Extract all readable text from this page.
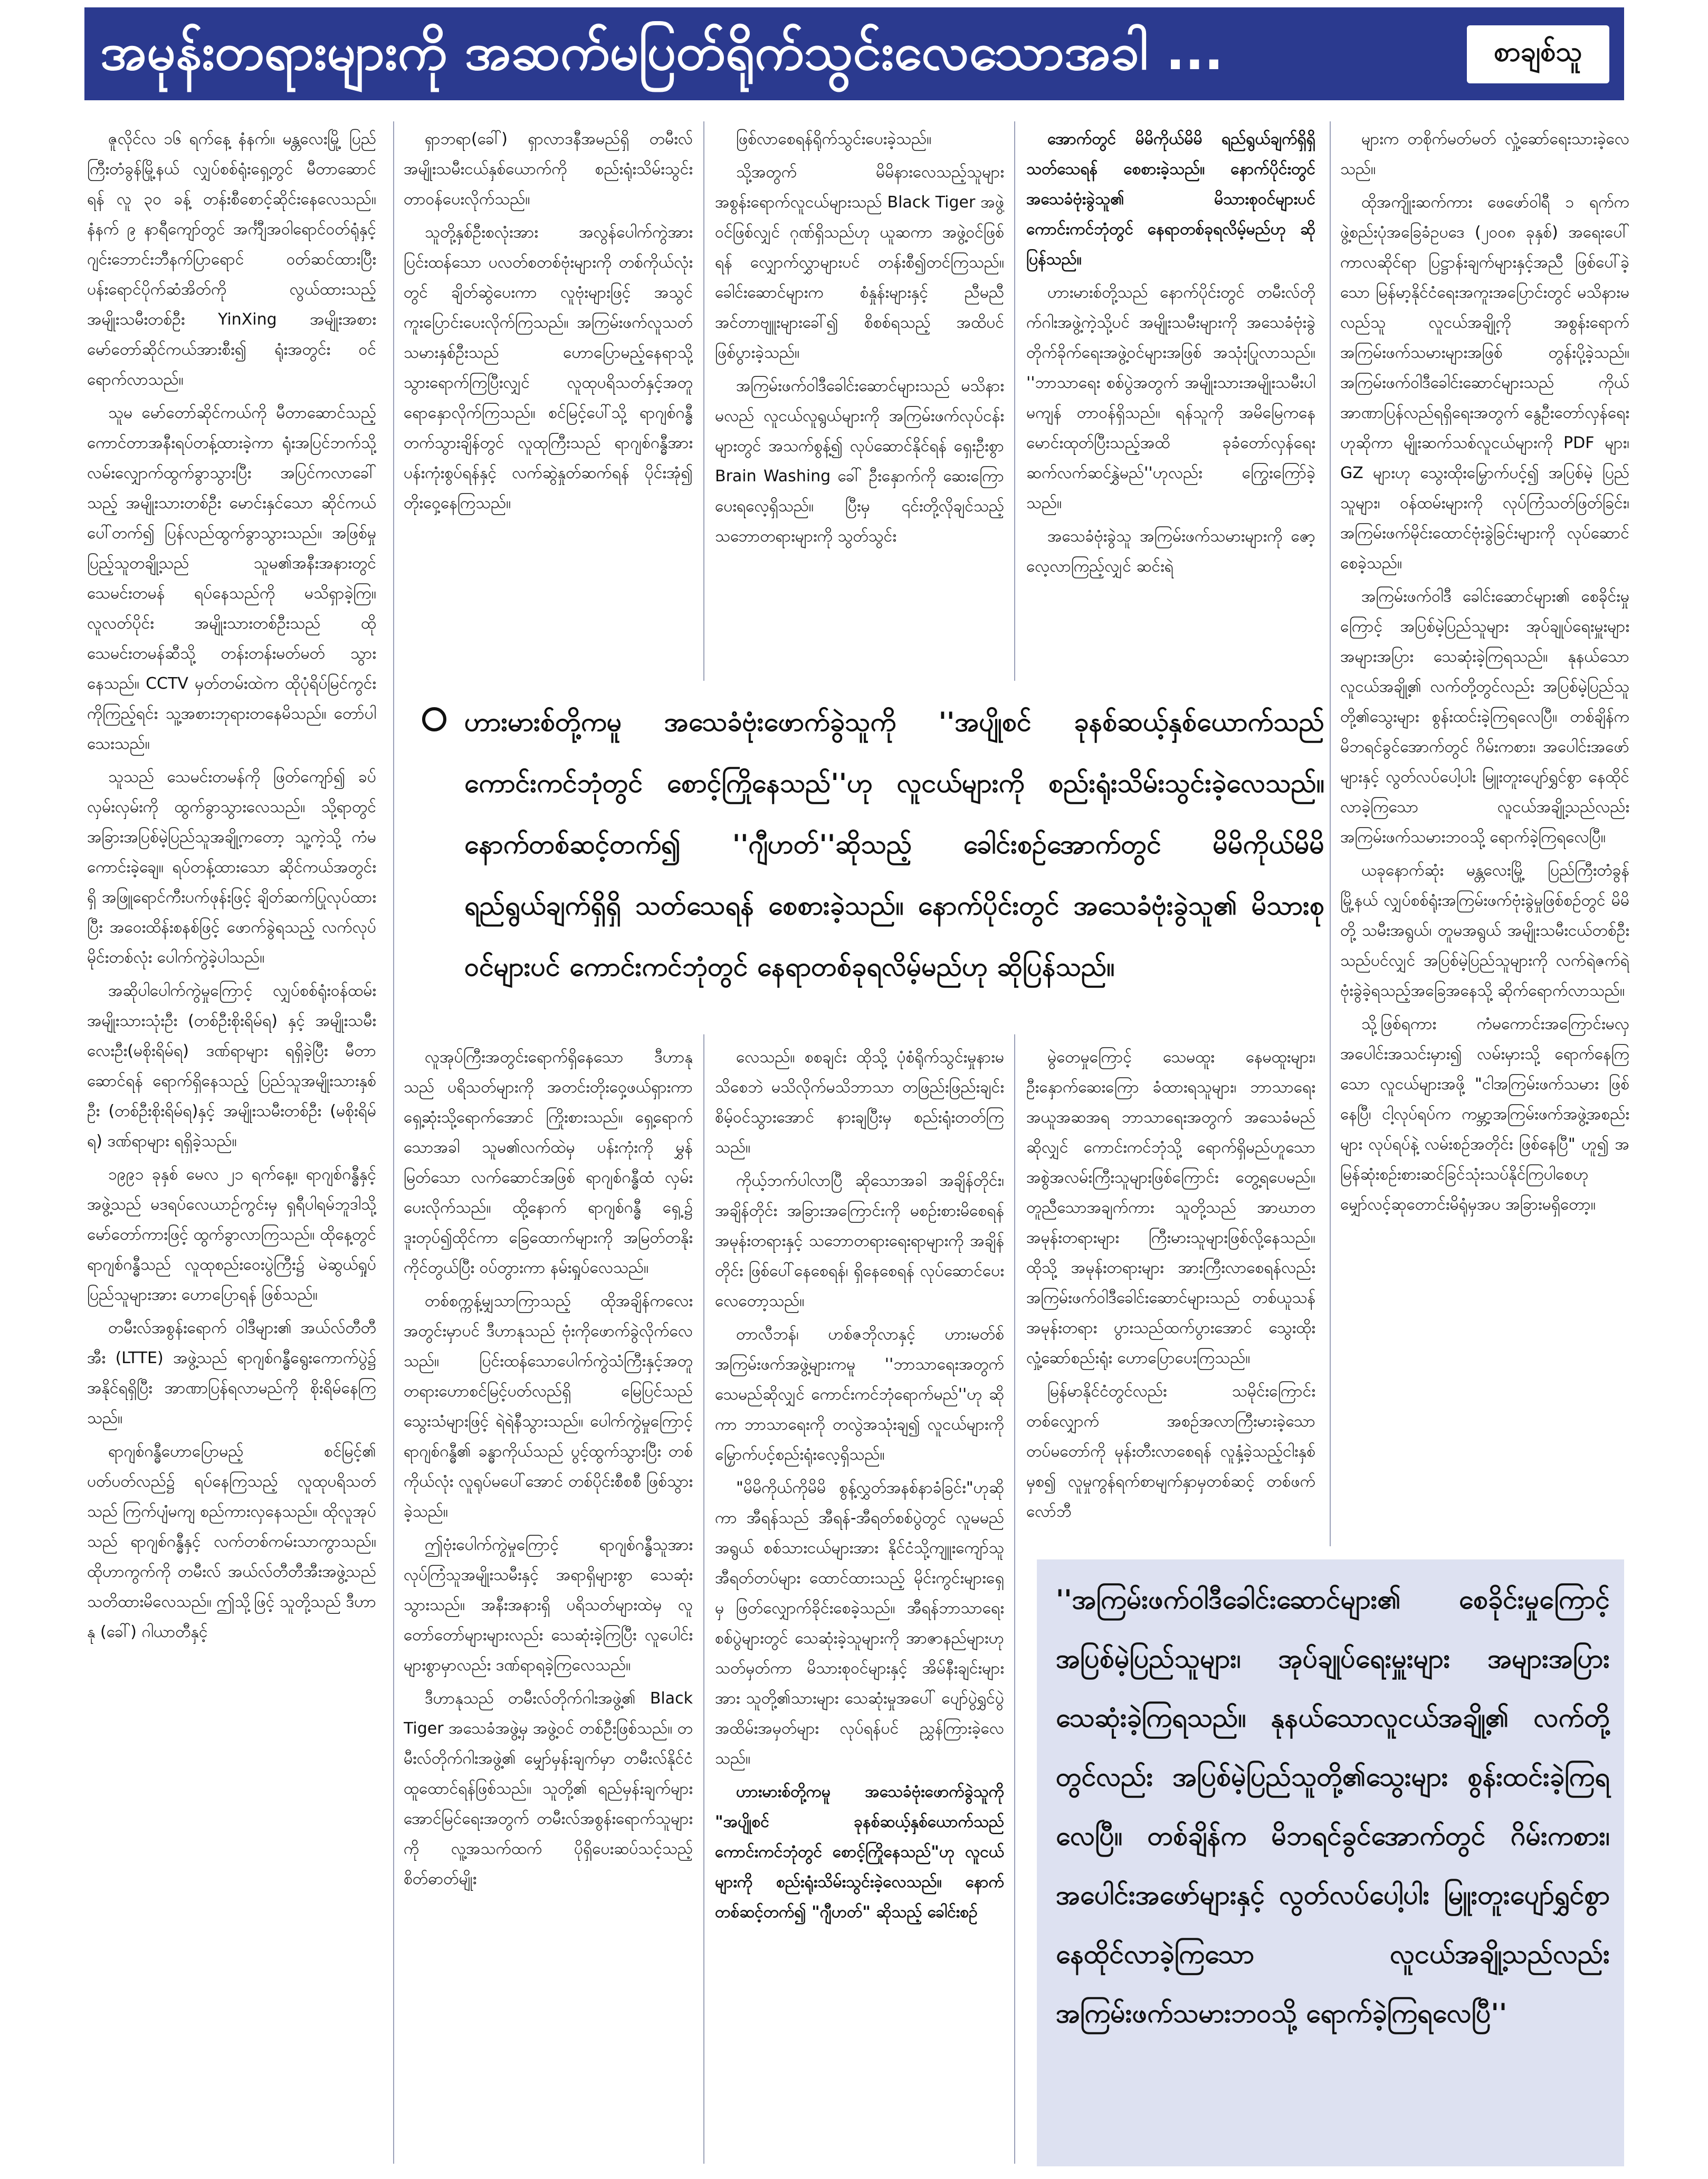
အမုန်းတရားများကို အဆက်မပြတ်ရိုက်သွင်းလေသောအခါ ...	စာချစ်သူ

ဇူလိုင်လ ၁၆ ရက်နေ့ နံနက်။ မန္တလေးမြို့ ပြည်ကြီးတံခွန်မြို့နယ် လျှပ်စစ်ရုံးရှေ့တွင် မီတာဆောင်ရန် လူ ၃၀ ခန့် တန်းစီစောင့်ဆိုင်းနေလေသည်။ နံနက် ၉ နာရီကျော်တွင် အင်္ကျီအဝါရောင်ဝတ်ရုံနှင့် ဂျင်းဘောင်းဘီနက်ပြာရောင် ဝတ်ဆင်ထားပြီး ပန်းရောင်ပိုက်ဆံအိတ်ကို လွယ်ထားသည့် အမျိုးသမီးတစ်ဦး YinXing အမျိုးအစား မော်တော်ဆိုင်ကယ်အားစီး၍ ရုံးအတွင်း ဝင်ရောက်လာသည်။

သူမ မော်တော်ဆိုင်ကယ်ကို မီတာဆောင်သည့် ကောင်တာအနီးရပ်တန့်ထားခဲ့ကာ ရုံးအပြင်ဘက်သို့ လမ်းလျှောက်ထွက်ခွာသွားပြီး အပြင်ကလာခေါ်သည့် အမျိုးသားတစ်ဦး မောင်းနှင်သော ဆိုင်ကယ်ပေါ်တက်၍ ပြန်လည်ထွက်ခွာသွားသည်။ အဖြစ်မှုပြည့်သူတချို့သည် သူမ၏အနီးအနားတွင် သေမင်းတမန် ရပ်နေသည်ကို မသိရှာခဲ့ကြ။ လူလတ်ပိုင်း အမျိုးသားတစ်ဦးသည် ထိုသေမင်းတမန်ဆီသို့ တန်းတန်းမတ်မတ် သွားနေသည်။ CCTV မှတ်တမ်းထဲက ထိုပုံရိပ်မြင်ကွင်းကိုကြည့်ရင်း သူ့အစားဘုရားတနေမိသည်။ တော်ပါသေးသည်။

သူသည် သေမင်းတမန်ကို ဖြတ်ကျော်၍ ခပ်လှမ်းလှမ်းကို ထွက်ခွာသွားလေသည်။ သို့ရာတွင် အခြားအပြစ်မဲ့ပြည်သူအချို့ကတော့ သူ့ကဲ့သို့ ကံမကောင်းခဲ့ချေ။ ရပ်တန့်ထားသော ဆိုင်ကယ်အတွင်းရှိ အဖြူရောင်ကီးပက်ဖုန်းဖြင့် ချိတ်ဆက်ပြုလုပ်ထားပြီး အဝေးထိန်းစနစ်ဖြင့် ဖောက်ခွဲရသည့် လက်လုပ်မိုင်းတစ်လုံး ပေါက်ကွဲခဲ့ပါသည်။

အဆိုပါပေါက်ကွဲမှုကြောင့် လျှပ်စစ်ရုံးဝန်ထမ်းအမျိုးသားသုံးဦး (တစ်ဦးစိုးရိမ်ရ) နှင့် အမျိုးသမီးလေးဦး(မစိုးရိမ်ရ) ဒဏ်ရာများ ရရှိခဲ့ပြီး မီတာဆောင်ရန် ရောက်ရှိနေသည့် ပြည်သူအမျိုးသားနှစ်ဦး (တစ်ဦးစိုးရိမ်ရ)နှင့် အမျိုးသမီးတစ်ဦး (မစိုးရိမ်ရ) ဒဏ်ရာများ ရရှိခဲ့သည်။

၁၉၉၁ ခုနှစ် မေလ ၂၁ ရက်နေ့။ ရာဂျစ်ဂန္ဓီနှင့်အဖွဲ့သည် မဒရပ်လေယာဉ်ကွင်းမှ ရှရီပါရမ်ဘူဒါသို့ မော်တော်ကားဖြင့် ထွက်ခွာလာကြသည်။ ထိုနေ့တွင် ရာဂျစ်ဂန္ဓီသည် လူထုစည်းဝေးပွဲကြီး၌ မဲဆွယ်ရှုပ် ပြည်သူများအား ဟောပြောရန် ဖြစ်သည်။

တမီးလ်အစွန်းရောက် ဝါဒီများ၏ အယ်လ်တီတီအီး (LTTE) အဖွဲ့သည် ရာဂျစ်ဂန္ဓီရွေးကောက်ပွဲ၌ အနိုင်ရရှိပြီး အာဏာပြန်ရလာမည်ကို စိုးရိမ်နေကြသည်။

ရာဂျစ်ဂန္ဓီဟောပြောမည့် စင်မြင့်၏ ပတ်ပတ်လည်၌ ရပ်နေကြသည့် လူထုပရိသတ်သည် ကြက်ပျံမကျ စည်ကားလှနေသည်။ ထိုလူအုပ်သည် ရာဂျစ်ဂန္ဓီနှင့် လက်တစ်ကမ်းသာကွာသည်။ ထိုဟာကွက်ကို တမီးလ် အယ်လ်တီတီအီးအဖွဲ့သည် သတိထားမိလေသည်။ ဤသို့ဖြင့် သူတို့သည် ဒီဟာနု (ခေါ်) ဂါယာတီနှင့်

ရှာဘရာ(ခေါ်) ရှာလာဒနီအမည်ရှိ တမီးလ် အမျိုးသမီးငယ်နှစ်ယောက်ကို စည်းရုံးသိမ်းသွင်း တာဝန်ပေးလိုက်သည်။

သူတို့နှစ်ဦးစလုံးအား အလွန်ပေါက်ကွဲအား ပြင်းထန်သော ပလတ်စတစ်ဗုံးများကို တစ်ကိုယ်လုံးတွင် ချိတ်ဆွဲပေးကာ လူဗုံးများဖြင့် အသွင်ကူးပြောင်းပေးလိုက်ကြသည်။ အကြမ်းဖက်လူသတ်သမားနှစ်ဦးသည် ဟောပြောမည့်နေရာသို့ သွားရောက်ကြပြီးလျှင် လူထုပရိသတ်နှင့်အတူ ရောနှောလိုက်ကြသည်။ စင်မြင့်ပေါ်သို့ ရာဂျစ်ဂန္ဓီ တက်သွားချိန်တွင် လူထုကြီးသည် ရာဂျစ်ဂန္ဓီအား ပန်းကုံးစွပ်ရန်နှင့် လက်ဆွဲနှုတ်ဆက်ရန် ပိုင်းအုံ၍ တိုးဝှေ့နေကြသည်။

ဖြစ်လာစေရန်ရိုက်သွင်းပေးခဲ့သည်။

သို့အတွက် မိမိနားလေသည့်သူများ အစွန်းရောက်လူငယ်များသည် Black Tiger အဖွဲ့ဝင်ဖြစ်လျှင် ဂုဏ်ရှိသည်ဟု ယူဆကာ အဖွဲ့ဝင်ဖြစ်ရန် လျှောက်လွှာများပင် တန်းစီ၍တင်ကြသည်။ ခေါင်းဆောင်များက စံနှုန်းများနှင့် ညီမညီ အင်တာဗျူးများခေါ်၍ စိစစ်ရသည့် အထိပင် ဖြစ်ပွားခဲ့သည်။

အကြမ်းဖက်ဝါဒီခေါင်းဆောင်များသည် မသိနားမလည် လူငယ်လူရွယ်များကို အကြမ်းဖက်လုပ်ငန်းများတွင် အသက်စွန့်၍ လုပ်ဆောင်နိုင်ရန် ရှေးဦးစွာ Brain Washing ခေါ် ဦးနှောက်ကို ဆေးကြောပေးရလေ့ရှိသည်။ ပြီးမှ ၎င်းတို့လိုချင်သည့် သဘောတရားများကို သွတ်သွင်း

အောက်တွင် မိမိကိုယ်မိမိ ရည်ရွယ်ချက်ရှိရှိ သတ်သေရန် စေစားခဲ့သည်။ နောက်ပိုင်းတွင် အသေခံဗုံးခွဲသူ၏ မိသားစုဝင်များပင် ကောင်းကင်ဘုံတွင် နေရာတစ်ခုရလိမ့်မည်ဟု ဆိုပြန်သည်။

ဟားမားစ်တို့သည် နောက်ပိုင်းတွင် တမီးလ်တိုက်ဂါးအဖွဲ့ကဲ့သို့ပင် အမျိုးသမီးများကို အသေခံဗုံးခွဲ တိုက်ခိုက်ရေးအဖွဲ့ဝင်များအဖြစ် အသုံးပြုလာသည်။ ''ဘာသာရေး စစ်ပွဲအတွက် အမျိုးသားအမျိုးသမီးပါမကျန် တာဝန်ရှိသည်။ ရန်သူကို အမိမြေကနေ မောင်းထုတ်ပြီးသည့်အထိ ခုခံတော်လှန်ရေး ဆက်လက်ဆင်နွှဲမည်''ဟုလည်း ကြွေးကြော်ခဲ့သည်။

အသေခံဗုံးခွဲသူ အကြမ်းဖက်သမားများကို ဇော့လေ့လာကြည့်လျှင် ဆင်းရဲ

များက တစိုက်မတ်မတ် လှုံ့ဆော်ရေးသားခဲ့လေသည်။

ထိုအကျိုးဆက်ကား ဖေဖော်ဝါရီ ၁ ရက်က ဖွဲ့စည်းပုံအခြေခံဥပဒေ (၂၀၀၈ ခုနှစ်) အရေးပေါ်ကာလဆိုင်ရာ ပြဋ္ဌာန်းချက်များနှင့်အညီ ဖြစ်ပေါ်ခဲ့သော မြန်မာ့နိုင်ငံရေးအကူးအပြောင်းတွင် မသိနားမလည်သူ လူငယ်အချို့ကို အစွန်းရောက်အကြမ်းဖက်သမားများအဖြစ် တွန်းပို့ခဲ့သည်။ အကြမ်းဖက်ဝါဒီခေါင်းဆောင်များသည် ကိုယ်အာဏာပြန်လည်ရရှိရေးအတွက် နွေဦးတော်လှန်ရေးဟုဆိုကာ မျိုးဆက်သစ်လူငယ်များကို PDF များ၊ GZ များဟု သွေးထိုးမြှောက်ပင့်၍ အပြစ်မဲ့ ပြည်သူများ၊ ဝန်ထမ်းများကို လုပ်ကြံသတ်ဖြတ်ခြင်း၊ အကြမ်းဖက်မိုင်းထောင်ဗုံးခွဲခြင်းများကို လုပ်ဆောင်စေခဲ့သည်။

အကြမ်းဖက်ဝါဒီ ခေါင်းဆောင်များ၏ စေခိုင်းမှုကြောင့် အပြစ်မဲ့ပြည်သူများ အုပ်ချုပ်ရေးမှူးများ အများအပြား သေဆုံးခဲ့ကြရသည်။ နုနယ်သော လူငယ်အချို့၏ လက်တို့တွင်လည်း အပြစ်မဲ့ပြည်သူတို့၏သွေးများ စွန်းထင်းခဲ့ကြရလေပြီ။ တစ်ချိန်က မိဘရင်ခွင်အောက်တွင် ဂိမ်းကစား၊ အပေါင်းအဖော်များနှင့် လွတ်လပ်ပေါ့ပါး မြူးတူးပျော်ရွှင်စွာ နေထိုင်လာခဲ့ကြသော လူငယ်အချို့သည်လည်း အကြမ်းဖက်သမားဘဝသို့ ရောက်ခဲ့ကြရလေပြီ။

ယခုနောက်ဆုံး မန္တလေးမြို့ ပြည်ကြီးတံခွန်မြို့နယ် လျှပ်စစ်ရုံးအကြမ်းဖက်ဗုံးခွဲမှုဖြစ်စဉ်တွင် မိမိတို့ သမီးအရွယ်၊ တူမအရွယ် အမျိုးသမီးငယ်တစ်ဦးသည်ပင်လျှင် အပြစ်မဲ့ပြည်သူများကို လက်ရဲဇက်ရဲ ဗုံးခွဲခဲ့ရသည့်အခြေအနေသို့ ဆိုက်ရောက်လာသည်။

သို့ဖြစ်ရကား ကံမကောင်းအကြောင်းမလှ အပေါင်းအသင်းမှား၍ လမ်းမှားသို့ ရောက်နေကြသော လူငယ်များအဖို့ "ငါအကြမ်းဖက်သမား ဖြစ်နေပြီ၊ ငါ့လုပ်ရပ်က ကမ္ဘာ့အကြမ်းဖက်အဖွဲ့အစည်းများ လုပ်ရပ်နဲ့ လမ်းစဉ်အတိုင်း ဖြစ်နေပြီ" ဟူ၍ အမြန်ဆုံးစဉ်းစားဆင်ခြင်သုံးသပ်နိုင်ကြပါစေဟု မျှော်လင့်ဆုတောင်းမိရုံမှအပ အခြားမရှိတော့။

ဟားမားစ်တို့ကမူ အသေခံဗုံးဖောက်ခွဲသူကို ''အပျိုစင် ခုနစ်ဆယ့်နှစ်ယောက်သည် ကောင်းကင်ဘုံတွင် စောင့်ကြိုနေသည်''ဟု လူငယ်များကို စည်းရုံးသိမ်းသွင်းခဲ့လေသည်။ နောက်တစ်ဆင့်တက်၍ ''ဂျီဟတ်''ဆိုသည့် ခေါင်းစဉ်အောက်တွင် မိမိကိုယ်မိမိ ရည်ရွယ်ချက်ရှိရှိ သတ်သေရန် စေစားခဲ့သည်။ နောက်ပိုင်းတွင် အသေခံဗုံးခွဲသူ၏ မိသားစုဝင်များပင် ကောင်းကင်ဘုံတွင် နေရာတစ်ခုရလိမ့်မည်ဟု ဆိုပြန်သည်။

လူအုပ်ကြီးအတွင်းရောက်ရှိနေသော ဒီဟာနုသည် ပရိသတ်များကို အတင်းတိုးဝှေ့ဖယ်ရှားကာ ရှေ့ဆုံးသို့ရောက်အောင် ကြိုးစားသည်။ ရှေ့ရောက်သောအခါ သူမ၏လက်ထဲမှ ပန်းကုံးကို မွှန်မြတ်သော လက်ဆောင်အဖြစ် ရာဂျစ်ဂန္ဓီထံ လှမ်းပေးလိုက်သည်။ ထို့နောက် ရာဂျစ်ဂန္ဓီ ရှေ့၌ ဒူးတုပ်၍ထိုင်ကာ ခြေထောက်များကို အမြတ်တနိုးကိုင်တွယ်ပြီး ဝပ်တွားကာ နမ်းရှုပ်လေသည်။

တစ်စက္ကန့်မျှသာကြာသည့် ထိုအချိန်ကလေးအတွင်းမှာပင် ဒီဟာနုသည် ဗုံးကိုဖောက်ခွဲလိုက်လေသည်။ ပြင်းထန်သောပေါက်ကွဲသံကြီးနှင့်အတူ တရားဟောစင်မြင့်ပတ်လည်ရှိ မြေပြင်သည် သွေးသံများဖြင့် ရဲရဲနီသွားသည်။ ပေါက်ကွဲမှုကြောင့် ရာဂျစ်ဂန္ဓီ၏ ခန္ဓာကိုယ်သည် ပွင့်ထွက်သွားပြီး တစ်ကိုယ်လုံး လူရုပ်မပေါ်အောင် တစ်ပိုင်းစီစစီ ဖြစ်သွားခဲ့သည်။

ဤဗုံးပေါက်ကွဲမှုကြောင့် ရာဂျစ်ဂန္ဓီသူအား လုပ်ကြံသူအမျိုးသမီးနှင့် အရာရှိများစွာ သေဆုံးသွားသည်။ အနီးအနားရှိ ပရိသတ်များထဲမှ လူတော်တော်များများလည်း သေဆုံးခဲ့ကြပြီး လူပေါင်းများစွာမှာလည်း ဒဏ်ရာရခဲ့ကြလေသည်။

ဒီဟာနုသည် တမီးလ်တိုက်ဂါးအဖွဲ့၏ Black Tiger အသေခံအဖွဲ့မှ အဖွဲ့ဝင် တစ်ဦးဖြစ်သည်။ တမီးလ်တိုက်ဂါးအဖွဲ့၏ မျှော်မှန်းချက်မှာ တမီးလ်နိုင်ငံ ထူထောင်ရန်ဖြစ်သည်။ သူတို့၏ ရည်မှန်းချက်များအောင်မြင်ရေးအတွက် တမီးလ်အစွန်းရောက်သူများကို လူ့အသက်ထက် ပိုရှိပေးဆပ်သင့်သည့် စိတ်ဓာတ်မျိုး

လေသည်။ စစချင်း ထိုသို့ ပုံစံရိုက်သွင်းမှုနားမသိစေဘဲ မသိလိုက်မသိဘာသာ တဖြည်းဖြည်းချင်း စိမ့်ဝင်သွားအောင် နားချပြီးမှ စည်းရုံးတတ်ကြသည်။

ကိုယ့်ဘက်ပါလာပြီ ဆိုသောအခါ အချိန်တိုင်း၊ အချိန်တိုင်း အခြားအကြောင်းကို မစဉ်းစားမိစေရန် အမုန်းတရားနှင့် သဘောတရားရေးရာများကို အချိန်တိုင်း ဖြစ်ပေါ်နေစေရန်၊ ရှိနေစေရန် လုပ်ဆောင်ပေးလေတော့သည်။

တာလီဘန်၊ ဟစ်ဇဘိုလာနှင့် ဟားမတ်စ် အကြမ်းဖက်အဖွဲ့များကမူ ''ဘာသာရေးအတွက် သေမည်ဆိုလျှင် ကောင်းကင်ဘုံရောက်မည်''ဟု ဆိုကာ ဘာသာရေးကို တလွဲအသုံးချ၍ လူငယ်များကို မြှောက်ပင့်စည်းရုံးလေ့ရှိသည်။

"မိမိကိုယ်ကိုမိမိ စွန့်လွှတ်အနစ်နာခံခြင်း"ဟုဆိုကာ အီရန်သည် အီရန်-အီရတ်စစ်ပွဲတွင် လူမမည်အရွယ် စစ်သားငယ်များအား နိုင်ငံသို့ကျူးကျော်သူ အီရတ်တပ်များ ထောင်ထားသည့် မိုင်းကွင်းများရှေ့မှ ဖြတ်လျှောက်ခိုင်းစေခဲ့သည်။ အီရန်ဘာသာရေးစစ်ပွဲများတွင် သေဆုံးခဲ့သူများကို အာဇာနည်များဟု သတ်မှတ်ကာ မိသားစုဝင်များနှင့် အိမ်နီးချင်းများအား သူတို့၏သားများ သေဆုံးမှုအပေါ် ပျော်ပွဲရွှင်ပွဲအထိမ်းအမှတ်များ လုပ်ရန်ပင် ညွှန်ကြားခဲ့လေသည်။

ဟားမားစ်တို့ကမူ အသေခံဗုံးဖောက်ခွဲသူကို "အပျိုစင် ခုနစ်ဆယ့်နှစ်ယောက်သည် ကောင်းကင်ဘုံတွင် စောင့်ကြိုနေသည်"ဟု လူငယ်များကို စည်းရုံးသိမ်းသွင်းခဲ့လေသည်။ နောက်တစ်ဆင့်တက်၍ "ဂျီဟတ်" ဆိုသည့် ခေါင်းစဉ်

မွဲတေမှုကြောင့် သေမထူး နေမထူးများ၊ ဦးနှောက်ဆေးကြော ခံထားရသူများ၊ ဘာသာရေးအယူအဆအရ ဘာသာရေးအတွက် အသေခံမည်ဆိုလျှင် ကောင်းကင်ဘုံသို့ ရောက်ရှိမည်ဟူသော အစွဲအလမ်းကြီးသူများဖြစ်ကြောင်း တွေ့ရပေမည်။ တူညီသောအချက်ကား သူတို့သည် အာဃာတအမုန်းတရားများ ကြီးမားသူများဖြစ်လို့နေသည်။ ထိုသို့ အမုန်းတရားများ အားကြီးလာစေရန်လည်း အကြမ်းဖက်ဝါဒီခေါင်းဆောင်များသည် တစ်ယူသန်အမုန်းတရား ပွားသည်ထက်ပွားအောင် သွေးထိုးလှုံ့ဆော်စည်းရုံး ဟောပြောပေးကြသည်။

မြန်မာနိုင်ငံတွင်လည်း သမိုင်းကြောင်းတစ်လျှောက် အစဉ်အလာကြီးမားခဲ့သော တပ်မတော်ကို မုန်းတီးလာစေရန် လူနှံ့ခဲ့သည့်ငါးနှစ်မှစ၍ လူမှုကွန်ရက်စာမျက်နှာမှတစ်ဆင့် တစ်ဖက်လော်ဘီ

''အကြမ်းဖက်ဝါဒီခေါင်းဆောင်များ၏ စေခိုင်းမှုကြောင့် အပြစ်မဲ့ပြည်သူများ၊ အုပ်ချုပ်ရေးမှူးများ အများအပြား သေဆုံးခဲ့ကြရသည်။ နုနယ်သောလူငယ်အချို့၏ လက်တို့တွင်လည်း အပြစ်မဲ့ပြည်သူတို့၏သွေးများ စွန်းထင်းခဲ့ကြရလေပြီ။ တစ်ချိန်က မိဘရင်ခွင်အောက်တွင် ဂိမ်းကစား၊ အပေါင်းအဖော်များနှင့် လွတ်လပ်ပေါ့ပါး မြူးတူးပျော်ရွှင်စွာနေထိုင်လာခဲ့ကြသော လူငယ်အချို့သည်လည်း အကြမ်းဖက်သမားဘဝသို့ ရောက်ခဲ့ကြရလေပြီ''
